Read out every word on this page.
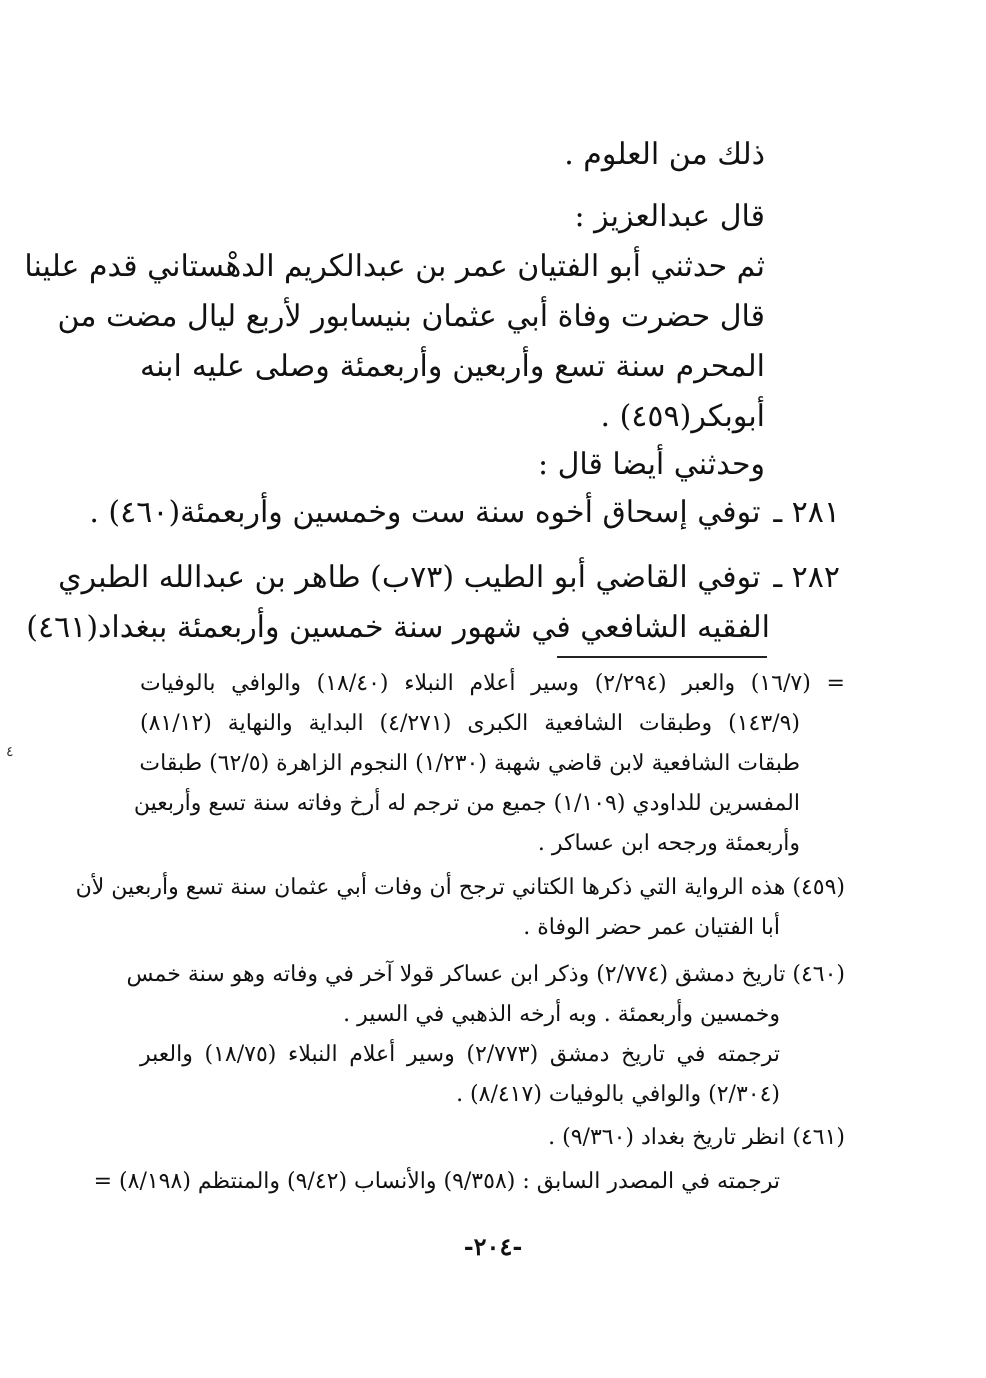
ذلك من العلوم .
قال عبدالعزيز :
ثم حدثني أبو الفتيان عمر بن عبدالكريم الدهْستاني قدم علينا
قال حضرت وفاة أبي عثمان بنيسابور لأربع ليال مضت من
المحرم سنة تسع وأربعين وأربعمئة وصلى عليه ابنه
أبوبكر(٤٥٩) .
وحدثني أيضا قال :
٢٨١ ـ توفي إسحاق أخوه سنة ست وخمسين وأربعمئة(٤٦٠) .
٢٨٢ ـ توفي القاضي أبو الطيب (٧٣ب) طاهر بن عبدالله الطبري
الفقيه الشافعي في شهور سنة خمسين وأربعمئة ببغداد(٤٦١)
= (١٦/٧) والعبر (٢/٢٩٤) وسير أعلام النبلاء (١٨/٤٠) والوافي بالوفيات
(١٤٣/٩) وطبقات الشافعية الكبرى (٤/٢٧١) البداية والنهاية (٨١/١٢)
طبقات الشافعية لابن قاضي شهبة (١/٢٣٠) النجوم الزاهرة (٦٢/٥) طبقات
المفسرين للداودي (١/١٠٩) جميع من ترجم له أرخ وفاته سنة تسع وأربعين
وأربعمئة ورجحه ابن عساكر .
(٤٥٩) هذه الرواية التي ذكرها الكتاني ترجح أن وفات أبي عثمان سنة تسع وأربعين لأن
أبا الفتيان عمر حضر الوفاة .
(٤٦٠) تاريخ دمشق (٢/٧٧٤) وذكر ابن عساكر قولا آخر في وفاته وهو سنة خمس
وخمسين وأربعمئة . وبه أرخه الذهبي في السير .
ترجمته في تاريخ دمشق (٢/٧٧٣) وسير أعلام النبلاء (١٨/٧٥) والعبر
(٢/٣٠٤) والوافي بالوفيات (٨/٤١٧) .
(٤٦١) انظر تاريخ بغداد (٩/٣٦٠) .
ترجمته في المصدر السابق : (٩/٣٥٨) والأنساب (٩/٤٢) والمنتظم (٨/١٩٨) =
-٢٠٤-
٤
